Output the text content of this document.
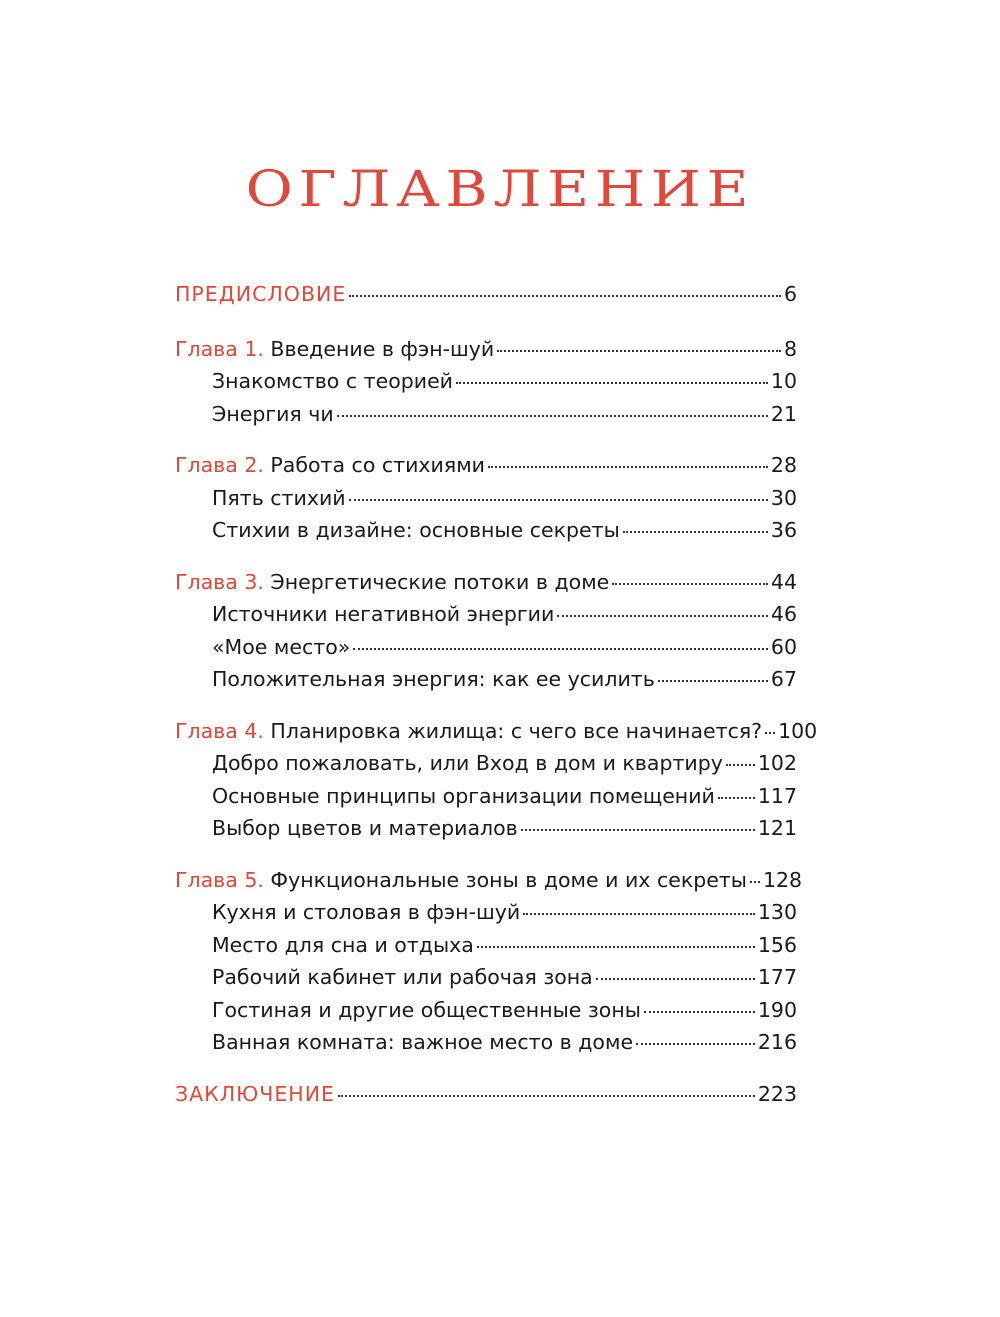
ОГЛАВЛЕНИЕ
ПРЕДИСЛОВИЕ	6
Глава 1. Введение в фэн-шуй	8
Знакомство с теорией	10
Энергия чи	21
Глава 2. Работа со стихиями	28
Пять стихий	30
Стихии в дизайне: основные секреты	36
Глава 3. Энергетические потоки в доме	44
Источники негативной энергии	46
«Мое место»	60
Положительная энергия: как ее усилить	67
Глава 4. Планировка жилища: с чего все начинается? 100
Добро пожаловать, или Вход в дом и квартиру 102
Основные принципы организации помещений 117
Выбор цветов и материалов	121
Глава 5. Функциональные зоны в доме и их секреты 128
Кухня и столовая в фэн-шуй	130
Место для сна и отдыха	156
Рабочий кабинет или рабочая зона	177
Гостиная и другие общественные зоны	190
Ванная комната: важное место в доме	216
ЗАКЛЮЧЕНИЕ	223
